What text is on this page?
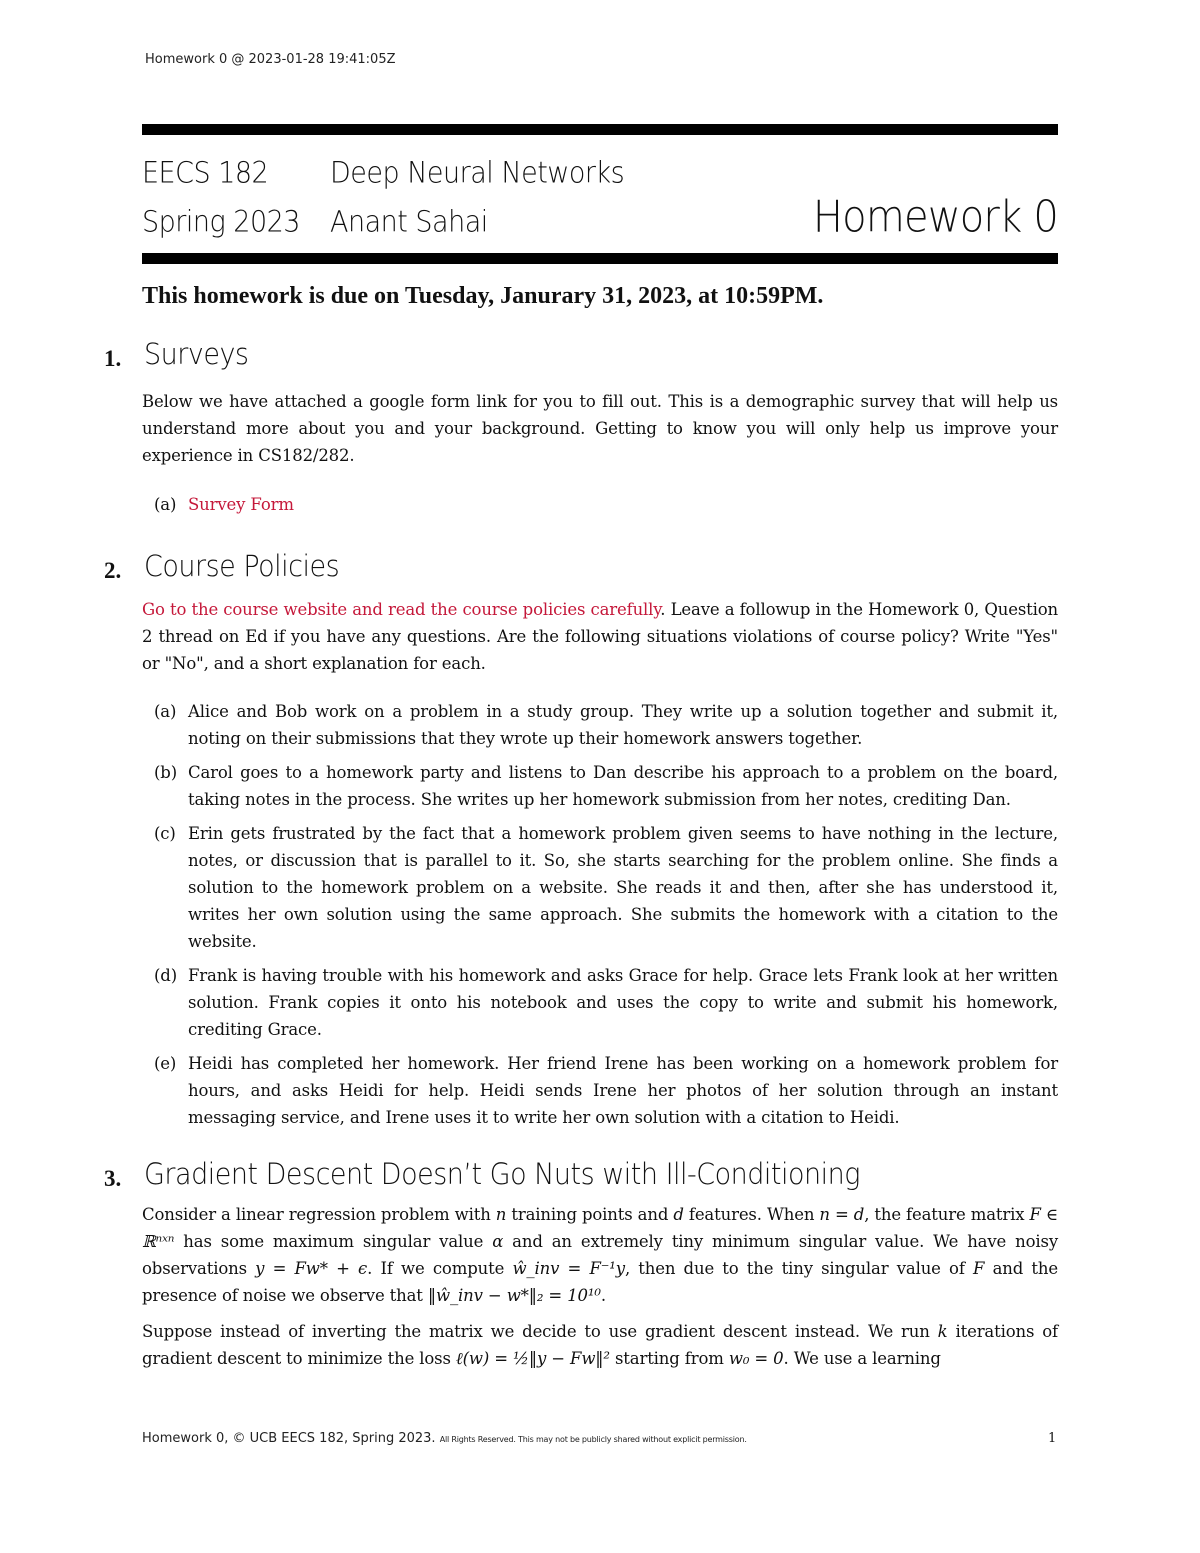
Homework 0 @ 2023-01-28 19:41:05Z
EECS 182 Deep Neural Networks
Spring 2023 Anant Sahai	Homework 0
This homework is due on Tuesday, Janurary 31, 2023, at 10:59PM.
1. Surveys
Below we have attached a google form link for you to fill out. This is a demographic survey that will help us understand more about you and your background. Getting to know you will only help us improve your experience in CS182/282.
(a) Survey Form
2. Course Policies
Go to the course website and read the course policies carefully. Leave a followup in the Homework 0, Question 2 thread on Ed if you have any questions. Are the following situations violations of course policy? Write "Yes" or "No", and a short explanation for each.
(a) Alice and Bob work on a problem in a study group. They write up a solution together and submit it, noting on their submissions that they wrote up their homework answers together.
(b) Carol goes to a homework party and listens to Dan describe his approach to a problem on the board, taking notes in the process. She writes up her homework submission from her notes, crediting Dan.
(c) Erin gets frustrated by the fact that a homework problem given seems to have nothing in the lecture, notes, or discussion that is parallel to it. So, she starts searching for the problem online. She finds a solution to the homework problem on a website. She reads it and then, after she has understood it, writes her own solution using the same approach. She submits the homework with a citation to the website.
(d) Frank is having trouble with his homework and asks Grace for help. Grace lets Frank look at her written solution. Frank copies it onto his notebook and uses the copy to write and submit his homework, crediting Grace.
(e) Heidi has completed her homework. Her friend Irene has been working on a homework problem for hours, and asks Heidi for help. Heidi sends Irene her photos of her solution through an instant messaging service, and Irene uses it to write her own solution with a citation to Heidi.
3. Gradient Descent Doesn’t Go Nuts with Ill-Conditioning
Consider a linear regression problem with n training points and d features. When n = d, the feature matrix F ∈ ℝⁿˣⁿ has some maximum singular value α and an extremely tiny minimum singular value. We have noisy observations y = Fw* + ϵ. If we compute ŵ_inv = F⁻¹y, then due to the tiny singular value of F and the presence of noise we observe that ‖ŵ_inv − w*‖₂ = 10¹⁰.
Suppose instead of inverting the matrix we decide to use gradient descent instead. We run k iterations of gradient descent to minimize the loss ℓ(w) = ½‖y − Fw‖² starting from w₀ = 0. We use a learning
Homework 0, © UCB EECS 182, Spring 2023. All Rights Reserved. This may not be publicly shared without explicit permission.	1
